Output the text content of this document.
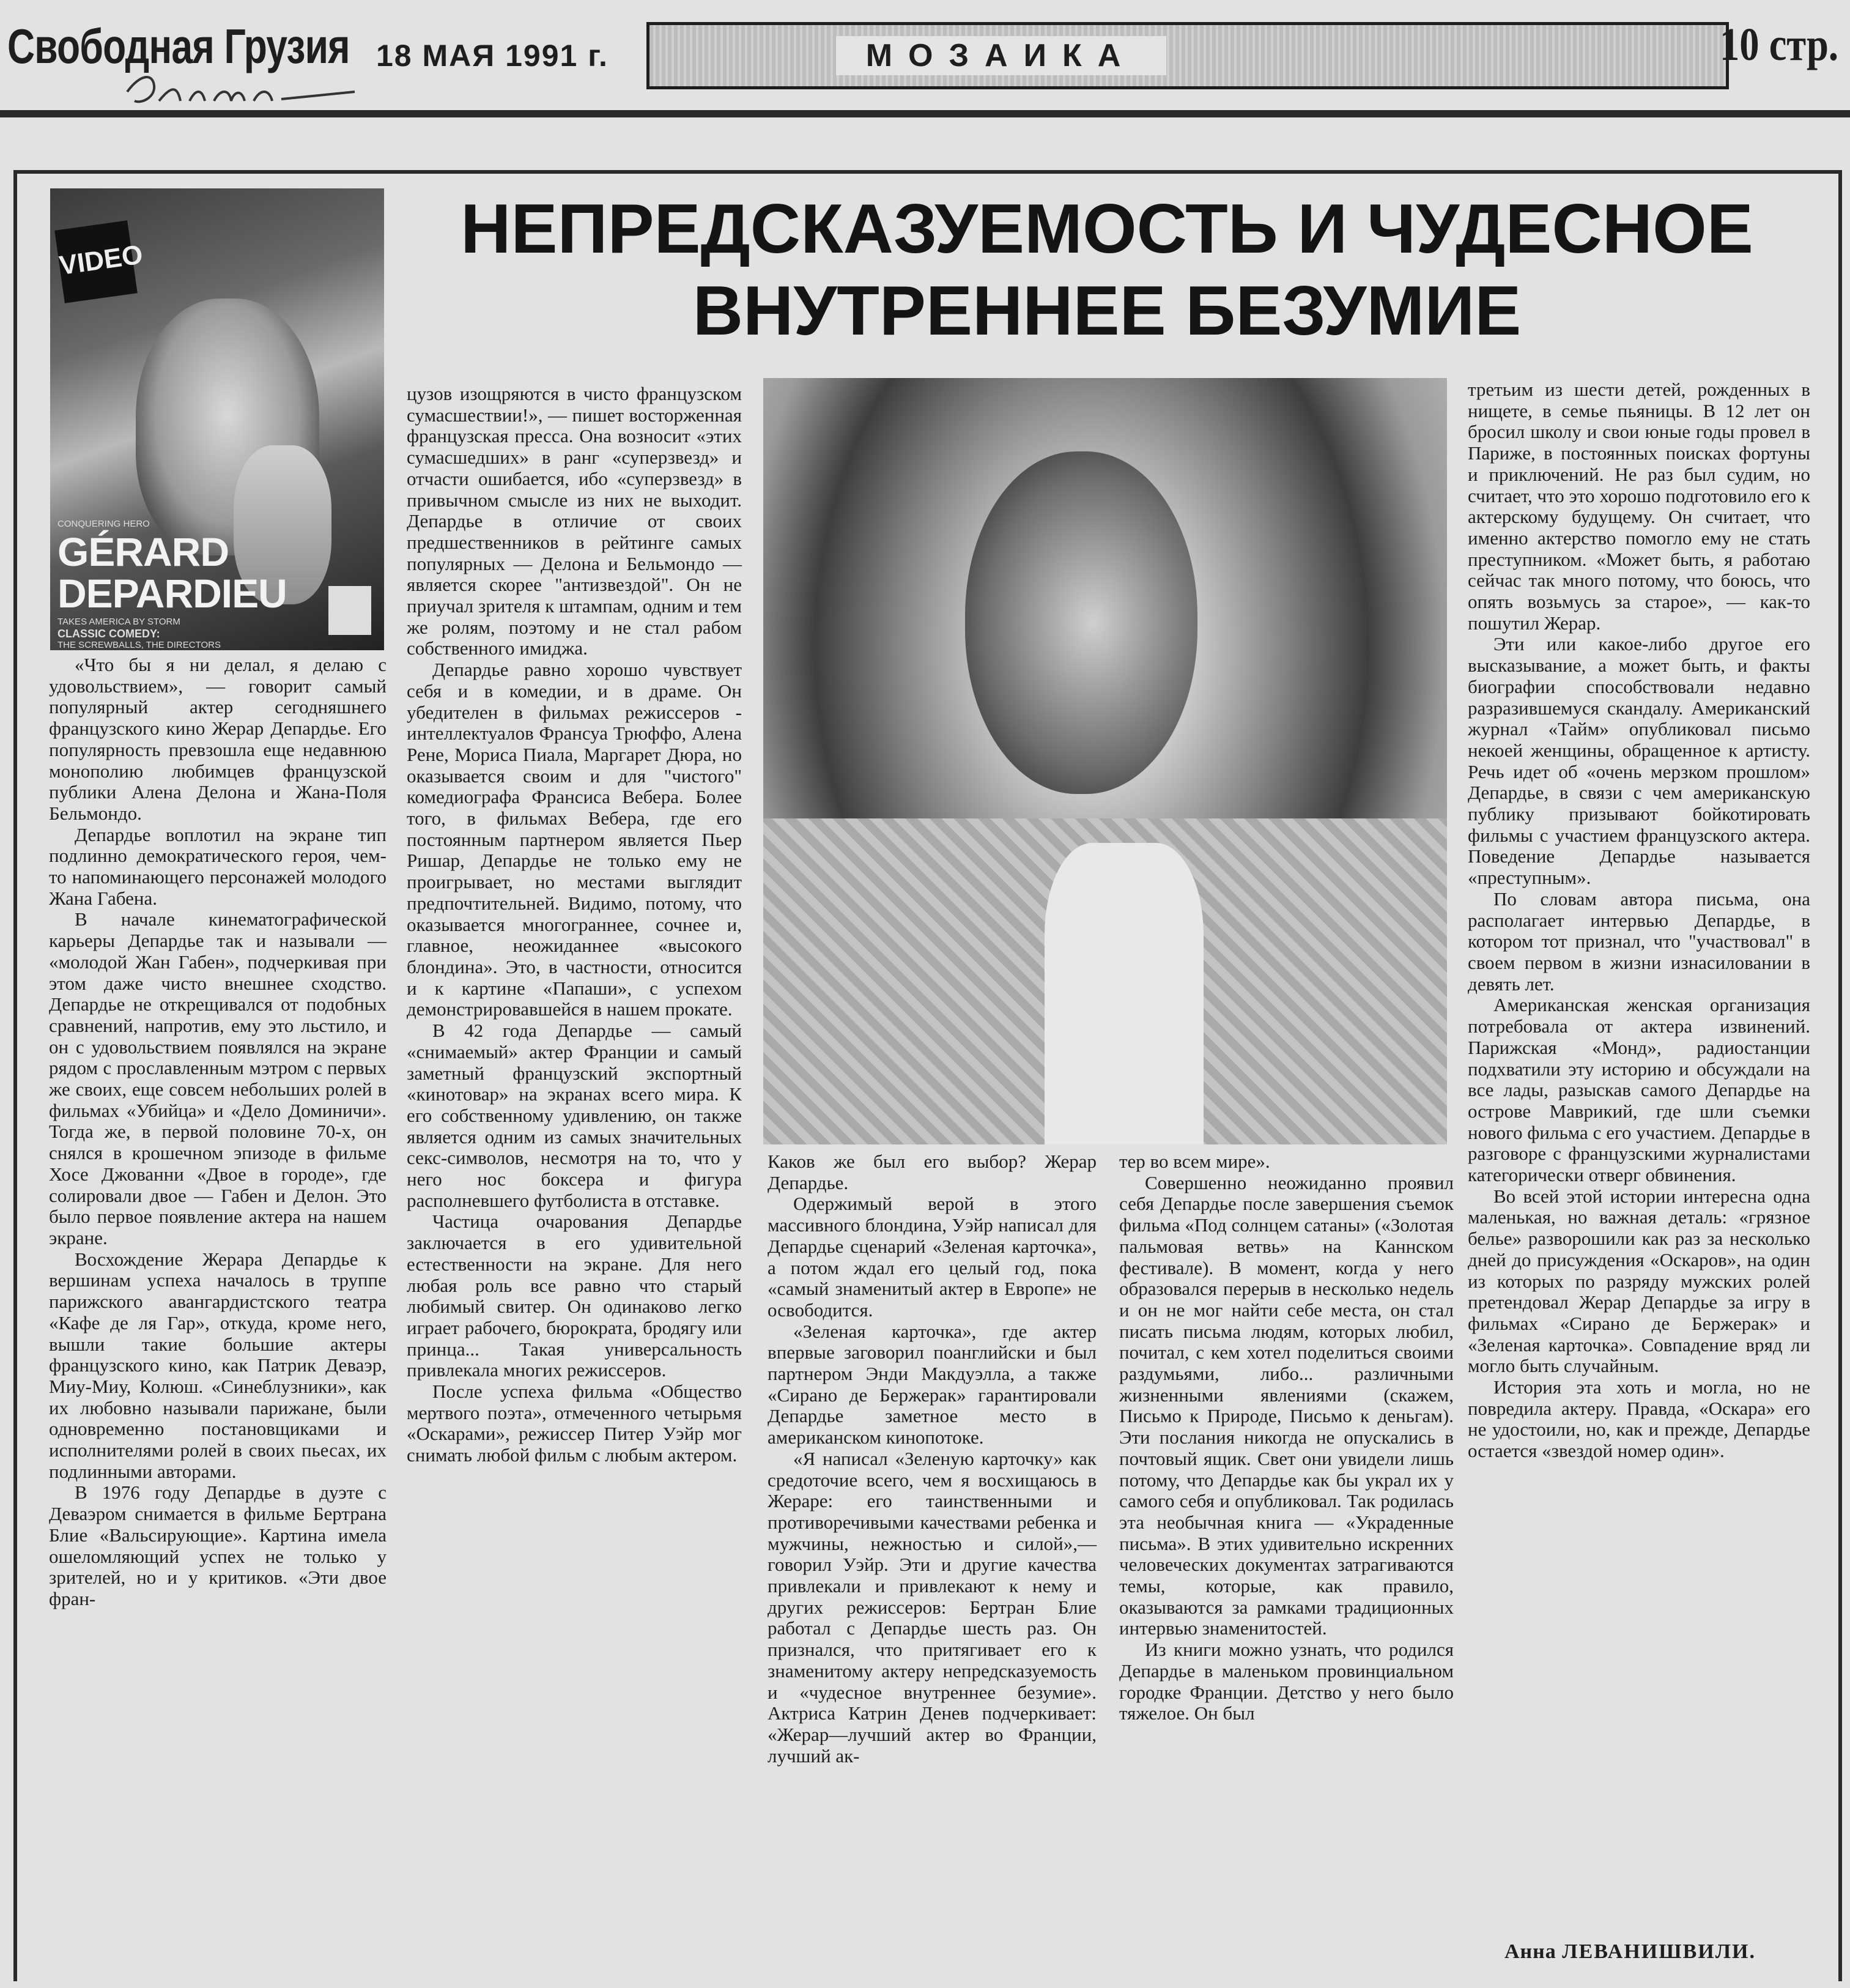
Свободная Грузия 18 МАЯ 1991 г.	МОЗАИКА	10 стр.
НЕПРЕДСКАЗУЕМОСТЬ И ЧУДЕСНОЕ
ВНУТРЕННЕЕ БЕЗУМИЕ
VIDEO
CONQUERING HERO
GÉRARD
DEPARDIEU
TAKES AMERICA BY STORM
CLASSIC COMEDY:
THE SCREWBALLS, THE DIRECTORS

«Что бы я ни делал, я делаю с удовольствием», — говорит самый популярный актер сегодняшнего французского кино Жерар Депардье. Его популярность превзошла еще недавнюю монополию любимцев французской публики Алена Делона и Жана-Поля Бельмондо.

Депардье воплотил на экране тип подлинно демократического героя, чем-то напоминающего персонажей молодого Жана Габена.

В начале кинематографической карьеры Депардье так и называли — «молодой Жан Габен», подчеркивая при этом даже чисто внешнее сходство. Депардье не открещивался от подобных сравнений, напротив, ему это льстило, и он с удовольствием появлялся на экране рядом с прославленным мэтром с первых же своих, еще совсем небольших ролей в фильмах «Убийца» и «Дело Доминичи». Тогда же, в первой половине 70-х, он снялся в крошечном эпизоде в фильме Хосе Джованни «Двое в городе», где солировали двое — Габен и Делон. Это было первое появление актера на нашем экране.

Восхождение Жерара Депардье к вершинам успеха началось в труппе парижского авангардистского театра «Кафе де ля Гар», откуда, кроме него, вышли такие большие актеры французского кино, как Патрик Деваэр, Миу-Миу, Колюш. «Синеблузники», как их любовно называли парижане, были одновременно постановщиками и исполнителями ролей в своих пьесах, их подлинными авторами.

В 1976 году Депардье в дуэте с Деваэром снимается в фильме Бертрана Блие «Вальсирующие». Картина имела ошеломляющий успех не только у зрителей, но и у критиков. «Эти двое фран-

цузов изощряются в чисто французском сумасшествии!», — пишет восторженная французская пресса. Она возносит «этих сумасшедших» в ранг «суперзвезд» и отчасти ошибается, ибо «суперзвезд» в привычном смысле из них не выходит. Депардье в отличие от своих предшественников в рейтинге самых популярных — Делона и Бельмондо — является скорее "антизвездой". Он не приучал зрителя к штампам, одним и тем же ролям, поэтому и не стал рабом собственного имиджа.

Депардье равно хорошо чувствует себя и в комедии, и в драме. Он убедителен в фильмах режиссеров - интеллектуалов Франсуа Трюффо, Алена Рене, Мориса Пиала, Маргарет Дюра, но оказывается своим и для "чистого" комедиографа Франсиса Вебера. Более того, в фильмах Вебера, где его постоянным партнером является Пьер Ришар, Депардье не только ему не проигрывает, но местами выглядит предпочтительней. Видимо, потому, что оказывается многограннее, сочнее и, главное, неожиданнее «высокого блондина». Это, в частности, относится и к картине «Папаши», с успехом демонстрировавшейся в нашем прокате.

В 42 года Депардье — самый «снимаемый» актер Франции и самый заметный французский экспортный «кинотовар» на экранах всего мира. К его собственному удивлению, он также является одним из самых значительных секс-символов, несмотря на то, что у него нос боксера и фигура располневшего футболиста в отставке.

Частица очарования Депардье заключается в его удивительной естественности на экране. Для него любая роль все равно что старый любимый свитер. Он одинаково легко играет рабочего, бюрократа, бродягу или принца... Такая универсальность привлекала многих режиссеров.

После успеха фильма «Общество мертвого поэта», отмеченного четырьмя «Оскарами», режиссер Питер Уэйр мог снимать любой фильм с любым актером.

Каков же был его выбор? Жерар Депардье.

Одержимый верой в этого массивного блондина, Уэйр написал для Депардье сценарий «Зеленая карточка», а потом ждал его целый год, пока «самый знаменитый актер в Европе» не освободится.

«Зеленая карточка», где актер впервые заговорил поанглийски и был партнером Энди Макдуэлла, а также «Сирано де Бержерак» гарантировали Депардье заметное место в американском кинопотоке.

«Я написал «Зеленую карточку» как средоточие всего, чем я восхищаюсь в Жераре: его таинственными и противоречивыми качествами ребенка и мужчины, нежностью и силой»,—говорил Уэйр. Эти и другие качества привлекали и привлекают к нему и других режиссеров: Бертран Блие работал с Депардье шесть раз. Он признался, что притягивает его к знаменитому актеру непредсказуемость и «чудесное внутреннее безумие». Актриса Катрин Денев подчеркивает: «Жерар—лучший актер во Франции, лучший ак-

тер во всем мире».

Совершенно неожиданно проявил себя Депардье после завершения съемок фильма «Под солнцем сатаны» («Золотая пальмовая ветвь» на Каннском фестивале). В момент, когда у него образовался перерыв в несколько недель и он не мог найти себе места, он стал писать письма людям, которых любил, почитал, с кем хотел поделиться своими раздумьями, либо... различными жизненными явлениями (скажем, Письмо к Природе, Письмо к деньгам). Эти послания никогда не опускались в почтовый ящик. Свет они увидели лишь потому, что Депардье как бы украл их у самого себя и опубликовал. Так родилась эта необычная книга — «Украденные письма». В этих удивительно искренних человеческих документах затрагиваются темы, которые, как правило, оказываются за рамками традиционных интервью знаменитостей.

Из книги можно узнать, что родился Депардье в маленьком провинциальном городке Франции. Детство у него было тяжелое. Он был

третьим из шести детей, рожденных в нищете, в семье пьяницы. В 12 лет он бросил школу и свои юные годы провел в Париже, в постоянных поисках фортуны и приключений. Не раз был судим, но считает, что это хорошо подготовило его к актерскому будущему. Он считает, что именно актерство помогло ему не стать преступником. «Может быть, я работаю сейчас так много потому, что боюсь, что опять возьмусь за старое», — как-то пошутил Жерар.

Эти или какое-либо другое его высказывание, а может быть, и факты биографии способствовали недавно разразившемуся скандалу. Американский журнал «Тайм» опубликовал письмо некоей женщины, обращенное к артисту. Речь идет об «очень мерзком прошлом» Депардье, в связи с чем американскую публику призывают бойкотировать фильмы с участием французского актера. Поведение Депардье называется «преступным».

По словам автора письма, она располагает интервью Депардье, в котором тот признал, что "участвовал" в своем первом в жизни изнасиловании в девять лет.

Американская женская организация потребовала от актера извинений. Парижская «Монд», радиостанции подхватили эту историю и обсуждали на все лады, разыскав самого Депардье на острове Маврикий, где шли съемки нового фильма с его участием. Депардье в разговоре с французскими журналистами категорически отверг обвинения.

Во всей этой истории интересна одна маленькая, но важная деталь: «грязное белье» разворошили как раз за несколько дней до присуждения «Оскаров», на один из которых по разряду мужских ролей претендовал Жерар Депардье за игру в фильмах «Сирано де Бержерак» и «Зеленая карточка». Совпадение вряд ли могло быть случайным.

История эта хоть и могла, но не повредила актеру. Правда, «Оскара» его не удостоили, но, как и прежде, Депардье остается «звездой номер один».

Анна ЛЕВАНИШВИЛИ.
